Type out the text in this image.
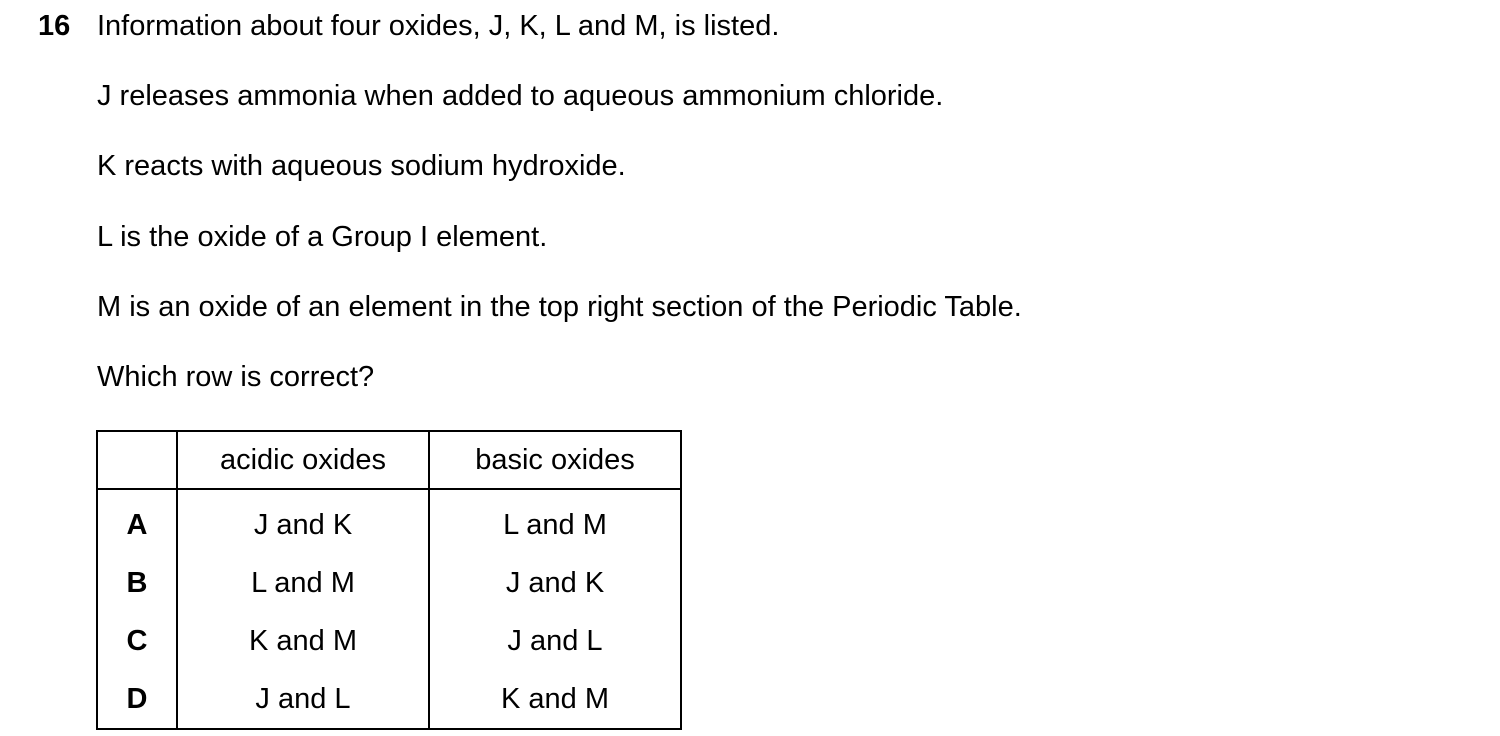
16 Information about four oxides, J, K, L and M, is listed.
J releases ammonia when added to aqueous ammonium chloride.
K reacts with aqueous sodium hydroxide.
L is the oxide of a Group I element.
M is an oxide of an element in the top right section of the Periodic Table.
Which row is correct?
	acidic oxides	basic oxides
A	J and K	L and M
B	L and M	J and K
C	K and M	J and L
D	J and L	K and M
